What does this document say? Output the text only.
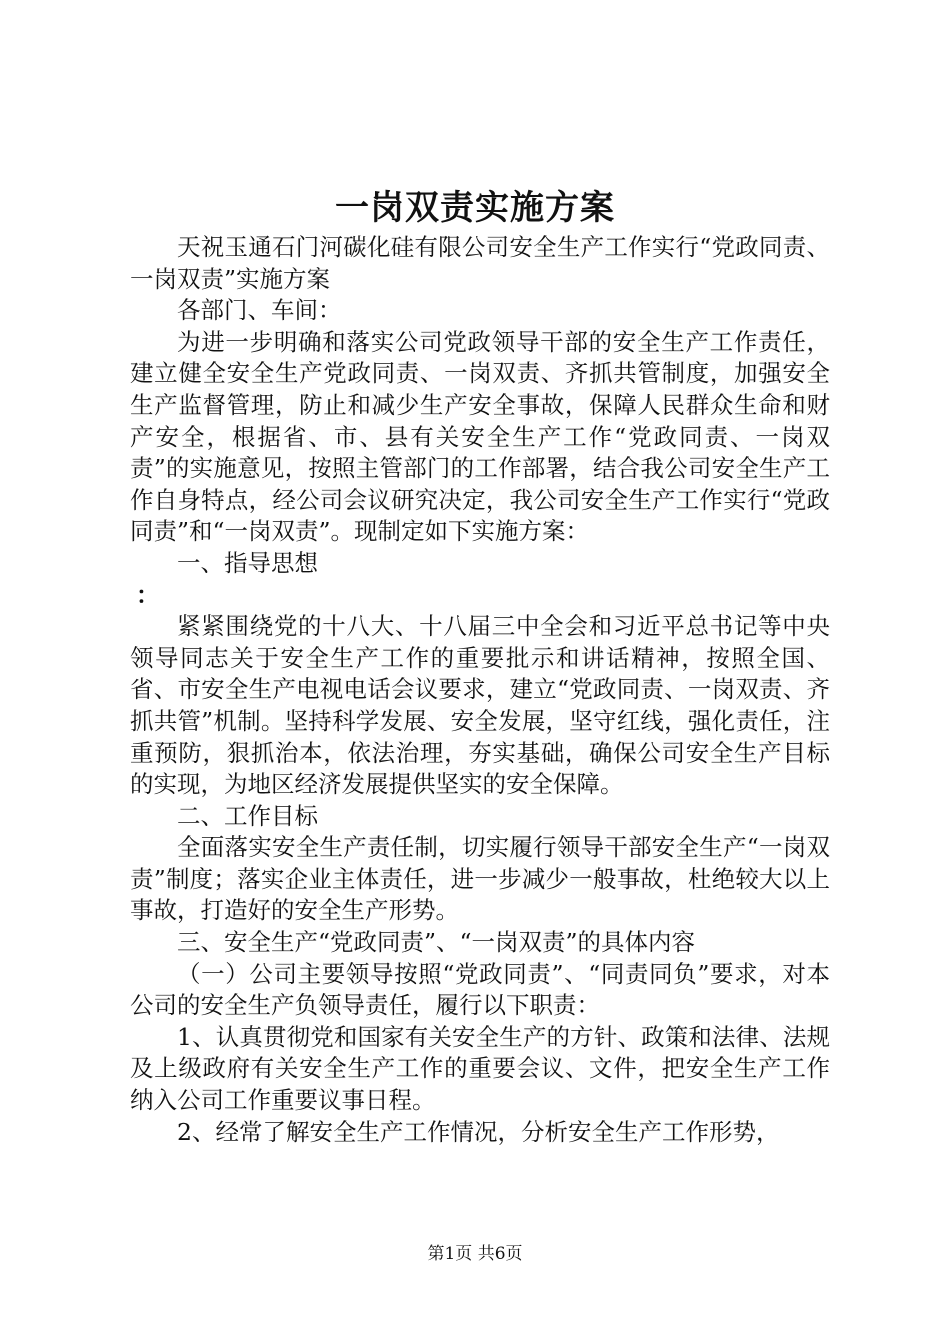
一岗双责实施方案

天祝玉通石门河碳化硅有限公司安全生产工作实行“党政同责、一岗双责”实施方案

各部门、车间：

为进一步明确和落实公司党政领导干部的安全生产工作责任，建立健全安全生产党政同责、一岗双责、齐抓共管制度，加强安全生产监督管理，防止和减少生产安全事故，保障人民群众生命和财产安全，根据省、市、县有关安全生产工作“党政同责、一岗双责”的实施意见，按照主管部门的工作部署，结合我公司安全生产工作自身特点，经公司会议研究决定，我公司安全生产工作实行“党政同责”和“一岗双责”。现制定如下实施方案：

一、指导思想

：

紧紧围绕党的十八大、十八届三中全会和习近平总书记等中央领导同志关于安全生产工作的重要批示和讲话精神，按照全国、省、市安全生产电视电话会议要求，建立“党政同责、一岗双责、齐抓共管”机制。坚持科学发展、安全发展，坚守红线，强化责任，注重预防，狠抓治本，依法治理，夯实基础，确保公司安全生产目标的实现，为地区经济发展提供坚实的安全保障。

二、工作目标

全面落实安全生产责任制，切实履行领导干部安全生产“一岗双责”制度；落实企业主体责任，进一步减少一般事故，杜绝较大以上事故，打造好的安全生产形势。

三、安全生产“党政同责”、“一岗双责”的具体内容

（一）公司主要领导按照“党政同责”、“同责同负”要求，对本公司的安全生产负领导责任，履行以下职责：

1、认真贯彻党和国家有关安全生产的方针、政策和法律、法规及上级政府有关安全生产工作的重要会议、文件，把安全生产工作纳入公司工作重要议事日程。

2、经常了解安全生产工作情况，分析安全生产工作形势，

第1页 共6页
